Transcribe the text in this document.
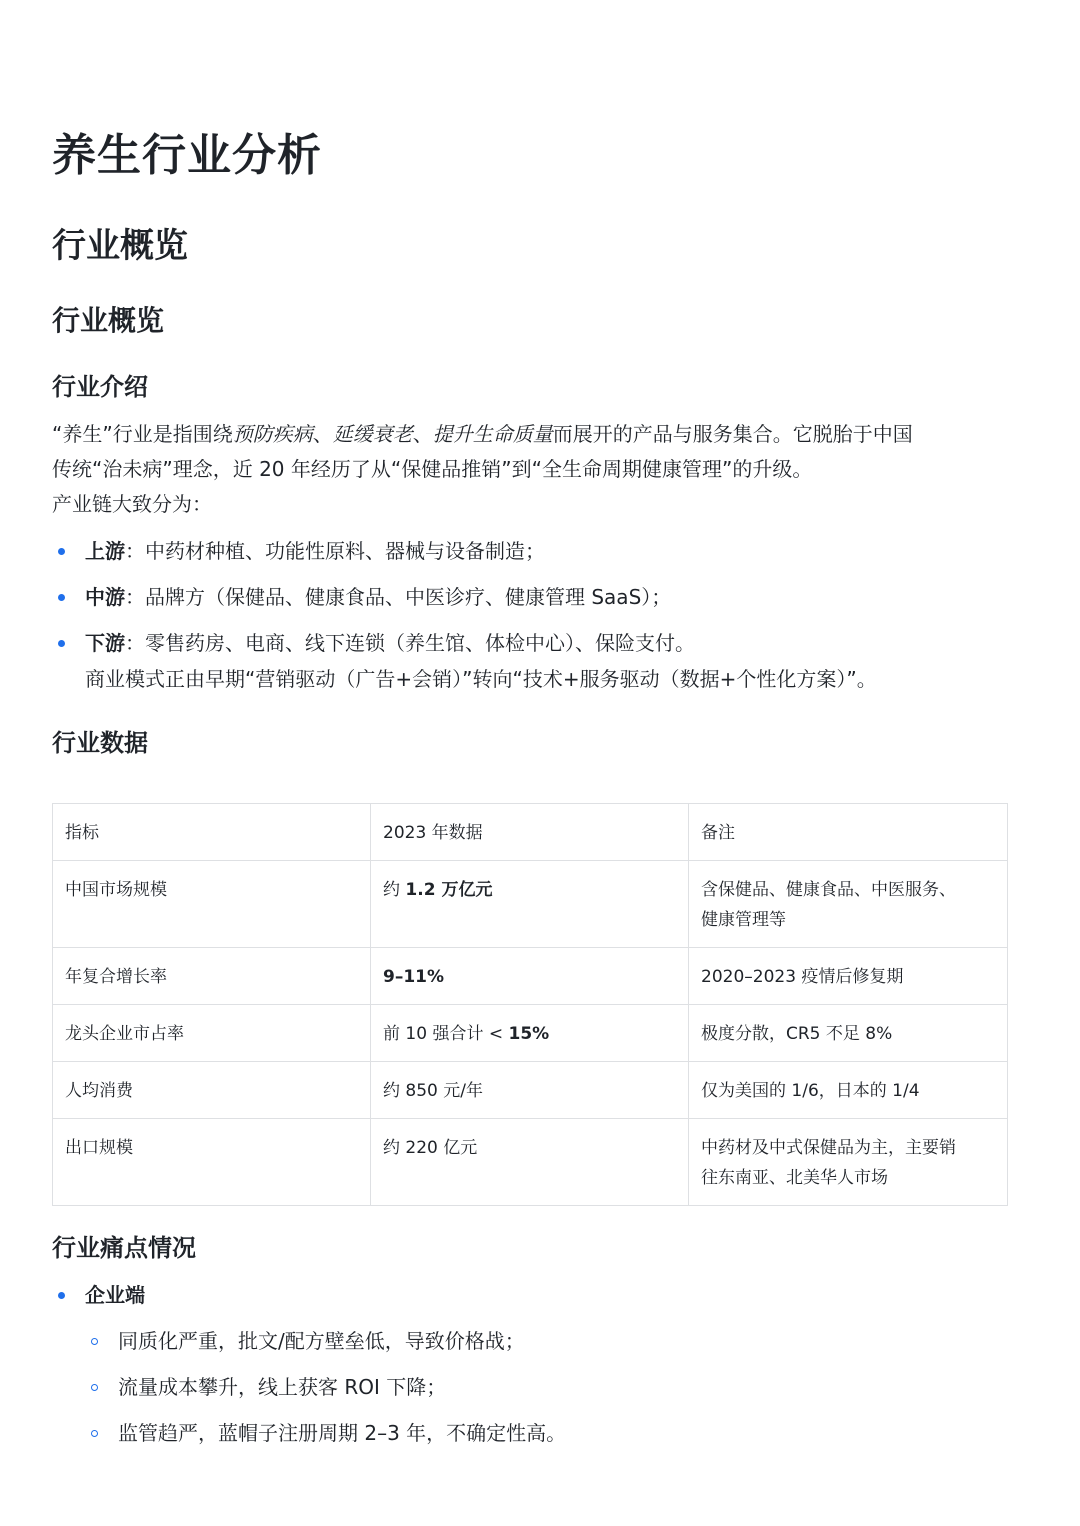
养生行业分析
行业概览
行业概览
行业介绍
“养生”行业是指围绕预防疾病、延缓衰老、提升生命质量而展开的产品与服务集合。它脱胎于中国
传统“治未病”理念，近 20 年经历了从“保健品推销”到“全生命周期健康管理”的升级。
产业链大致分为：
上游：中药材种植、功能性原料、器械与设备制造；
中游：品牌方（保健品、健康食品、中医诊疗、健康管理 SaaS）；
下游：零售药房、电商、线下连锁（养生馆、体检中心）、保险支付。
商业模式正由早期“营销驱动（广告+会销）”转向“技术+服务驱动（数据+个性化方案）”。
行业数据
指标	2023 年数据	备注
中国市场规模	约 1.2 万亿元	含保健品、健康食品、中医服务、
健康管理等
年复合增长率	9–11%	2020–2023 疫情后修复期
龙头企业市占率	前 10 强合计 < 15%	极度分散，CR5 不足 8%
人均消费	约 850 元/年	仅为美国的 1/6，日本的 1/4
出口规模	约 220 亿元	中药材及中式保健品为主，主要销
往东南亚、北美华人市场
行业痛点情况
企业端
同质化严重，批文/配方壁垒低，导致价格战；
流量成本攀升，线上获客 ROI 下降；
监管趋严，蓝帽子注册周期 2–3 年，不确定性高。
